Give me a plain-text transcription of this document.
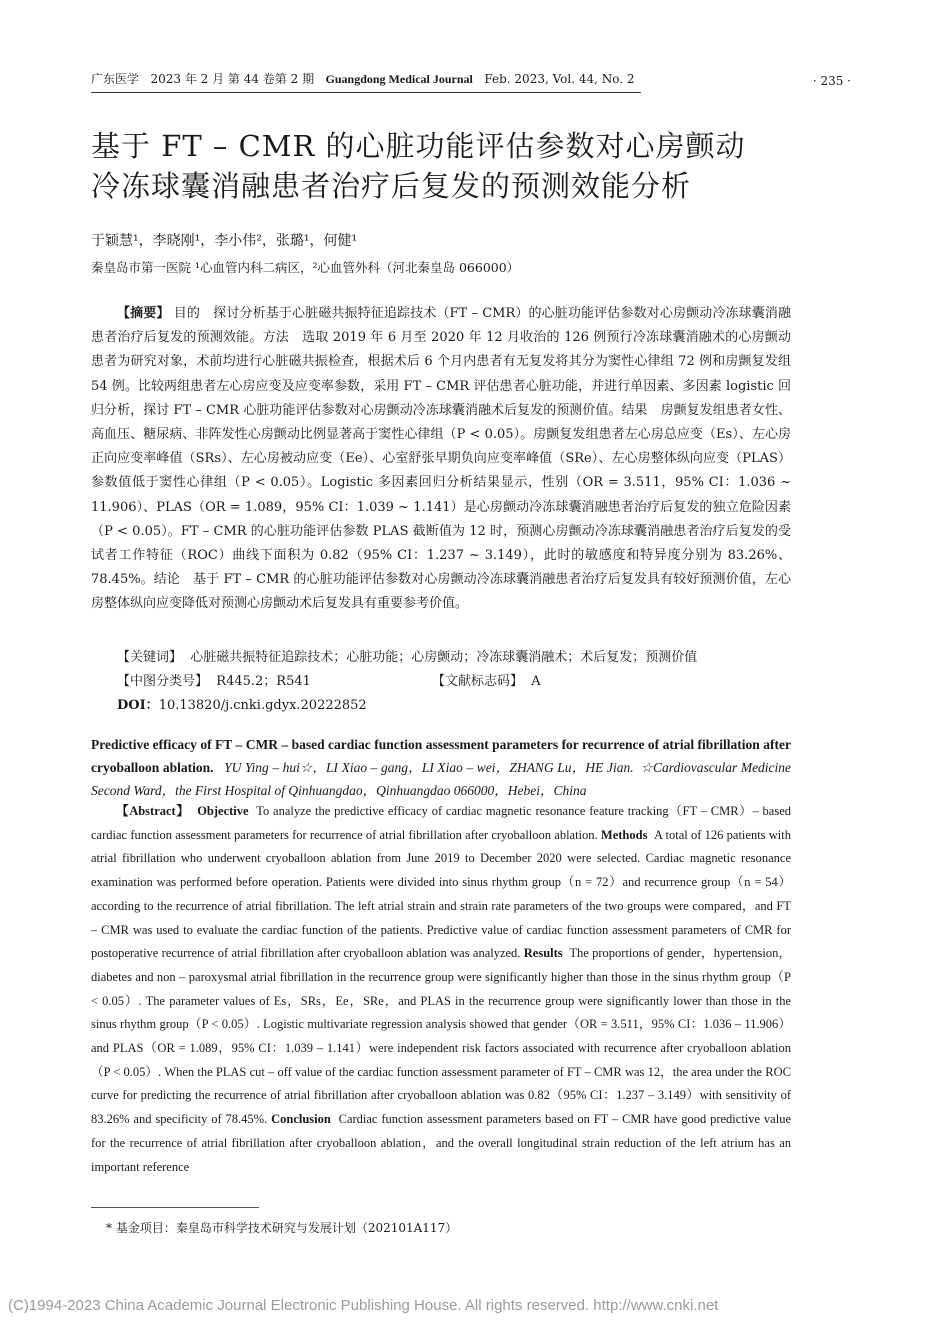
广东医学 2023 年 2 月 第 44 卷第 2 期 Guangdong Medical Journal Feb. 2023, Vol. 44, No. 2	· 235 ·
基于 FT – CMR 的心脏功能评估参数对心房颤动
冷冻球囊消融患者治疗后复发的预测效能分析
于颖慧¹，李晓刚¹，李小伟²，张璐¹，何健¹
秦皇岛市第一医院 ¹心血管内科二病区，²心血管外科（河北秦皇岛 066000）
【摘要】 目的　探讨分析基于心脏磁共振特征追踪技术（FT – CMR）的心脏功能评估参数对心房颤动冷冻球囊消融患者治疗后复发的预测效能。方法　选取 2019 年 6 月至 2020 年 12 月收治的 126 例预行冷冻球囊消融术的心房颤动患者为研究对象，术前均进行心脏磁共振检查，根据术后 6 个月内患者有无复发将其分为窦性心律组 72 例和房颤复发组 54 例。比较两组患者左心房应变及应变率参数，采用 FT – CMR 评估患者心脏功能，并进行单因素、多因素 logistic 回归分析，探讨 FT – CMR 心脏功能评估参数对心房颤动冷冻球囊消融术后复发的预测价值。结果　房颤复发组患者女性、高血压、糖尿病、非阵发性心房颤动比例显著高于窦性心律组（P < 0.05）。房颤复发组患者左心房总应变（Es）、左心房正向应变率峰值（SRs）、左心房被动应变（Ee）、心室舒张早期负向应变率峰值（SRe）、左心房整体纵向应变（PLAS）参数值低于窦性心律组（P < 0.05）。Logistic 多因素回归分析结果显示，性别（OR = 3.511，95% CI：1.036 ~ 11.906）、PLAS（OR = 1.089，95% CI：1.039 ~ 1.141）是心房颤动冷冻球囊消融患者治疗后复发的独立危险因素（P < 0.05）。FT – CMR 的心脏功能评估参数 PLAS 截断值为 12 时，预测心房颤动冷冻球囊消融患者治疗后复发的受试者工作特征（ROC）曲线下面积为 0.82（95% CI：1.237 ~ 3.149），此时的敏感度和特异度分别为 83.26%、78.45%。结论　基于 FT – CMR 的心脏功能评估参数对心房颤动冷冻球囊消融患者治疗后复发具有较好预测价值，左心房整体纵向应变降低对预测心房颤动术后复发具有重要参考价值。
【关键词】 心脏磁共振特征追踪技术；心脏功能；心房颤动；冷冻球囊消融术；术后复发；预测价值
【中图分类号】 R445.2；R541	【文献标志码】 A
DOI：10.13820/j.cnki.gdyx.20222852
Predictive efficacy of FT – CMR – based cardiac function assessment parameters for recurrence of atrial fibrillation after cryoballoon ablation. YU Ying – hui☆，LI Xiao – gang，LI Xiao – wei，ZHANG Lu，HE Jian. ☆Cardiovascular Medicine Second Ward，the First Hospital of Qinhuangdao，Qinhuangdao 066000，Hebei，China
【Abstract】 Objective To analyze the predictive efficacy of cardiac magnetic resonance feature tracking（FT – CMR）– based cardiac function assessment parameters for recurrence of atrial fibrillation after cryoballoon ablation. Methods A total of 126 patients with atrial fibrillation who underwent cryoballoon ablation from June 2019 to December 2020 were selected. Cardiac magnetic resonance examination was performed before operation. Patients were divided into sinus rhythm group（n = 72）and recurrence group（n = 54）according to the recurrence of atrial fibrillation. The left atrial strain and strain rate parameters of the two groups were compared，and FT – CMR was used to evaluate the cardiac function of the patients. Predictive value of cardiac function assessment parameters of CMR for postoperative recurrence of atrial fibrillation after cryoballoon ablation was analyzed. Results The proportions of gender，hypertension，diabetes and non – paroxysmal atrial fibrillation in the recurrence group were significantly higher than those in the sinus rhythm group（P < 0.05）. The parameter values of Es，SRs，Ee，SRe，and PLAS in the recurrence group were significantly lower than those in the sinus rhythm group（P < 0.05）. Logistic multivariate regression analysis showed that gender（OR = 3.511，95% CI：1.036 – 11.906）and PLAS（OR = 1.089，95% CI：1.039 – 1.141）were independent risk factors associated with recurrence after cryoballoon ablation（P < 0.05）. When the PLAS cut – off value of the cardiac function assessment parameter of FT – CMR was 12，the area under the ROC curve for predicting the recurrence of atrial fibrillation after cryoballoon ablation was 0.82（95% CI：1.237 – 3.149）with sensitivity of 83.26% and specificity of 78.45%. Conclusion Cardiac function assessment parameters based on FT – CMR have good predictive value for the recurrence of atrial fibrillation after cryoballoon ablation，and the overall longitudinal strain reduction of the left atrium has an important reference
* 基金项目：秦皇岛市科学技术研究与发展计划（202101A117）
(C)1994-2023 China Academic Journal Electronic Publishing House. All rights reserved. http://www.cnki.net
